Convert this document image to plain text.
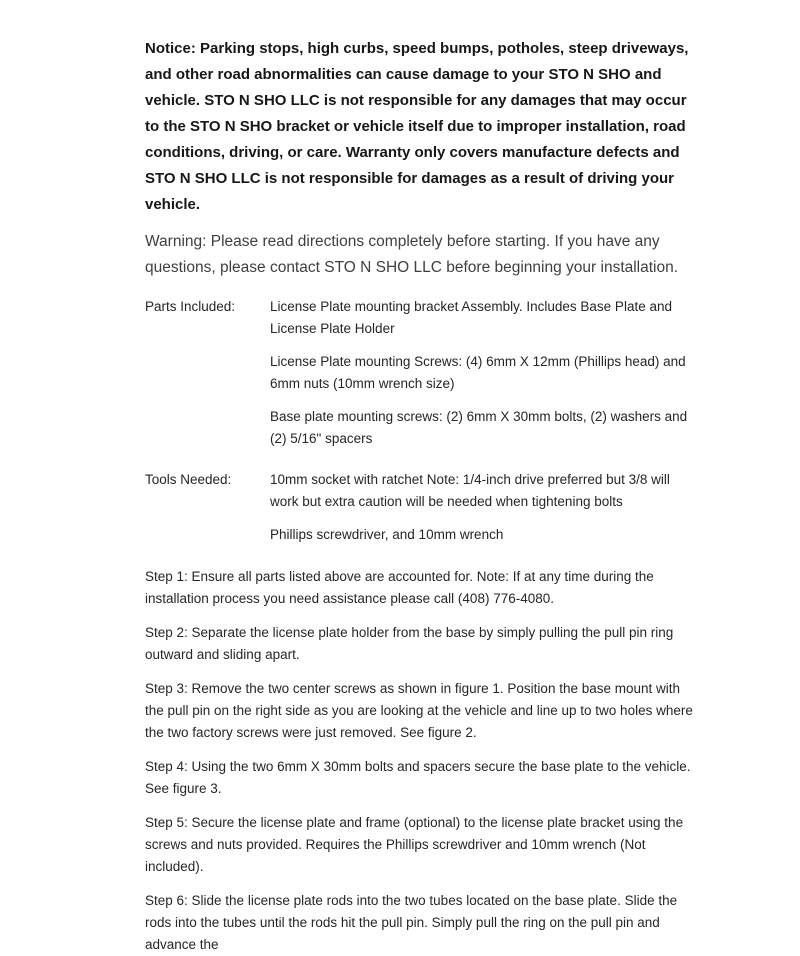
Notice: Parking stops, high curbs, speed bumps, potholes, steep driveways, and other road abnormalities can cause damage to your STO N SHO and vehicle. STO N SHO LLC is not responsible for any damages that may occur to the STO N SHO bracket or vehicle itself due to improper installation, road conditions, driving, or care. Warranty only covers manufacture defects and STO N SHO LLC is not responsible for damages as a result of driving your vehicle.

Warning: Please read directions completely before starting. If you have any questions, please contact STO N SHO LLC before beginning your installation.

Parts Included:	License Plate mounting bracket Assembly. Includes Base Plate and License Plate Holder

License Plate mounting Screws: (4) 6mm X 12mm (Phillips head) and 6mm nuts (10mm wrench size)

Base plate mounting screws: (2) 6mm X 30mm bolts, (2) washers and (2) 5/16" spacers

Tools Needed:	10mm socket with ratchet Note: 1/4-inch drive preferred but 3/8 will work but extra caution will be needed when tightening bolts

Phillips screwdriver, and 10mm wrench

Step 1: Ensure all parts listed above are accounted for. Note: If at any time during the installation process you need assistance please call (408) 776-4080.

Step 2: Separate the license plate holder from the base by simply pulling the pull pin ring outward and sliding apart.

Step 3: Remove the two center screws as shown in figure 1. Position the base mount with the pull pin on the right side as you are looking at the vehicle and line up to two holes where the two factory screws were just removed. See figure 2.

Step 4: Using the two 6mm X 30mm bolts and spacers secure the base plate to the vehicle. See figure 3.

Step 5: Secure the license plate and frame (optional) to the license plate bracket using the screws and nuts provided. Requires the Phillips screwdriver and 10mm wrench (Not included).

Step 6: Slide the license plate rods into the two tubes located on the base plate. Slide the rods into the tubes until the rods hit the pull pin. Simply pull the ring on the pull pin and advance the
